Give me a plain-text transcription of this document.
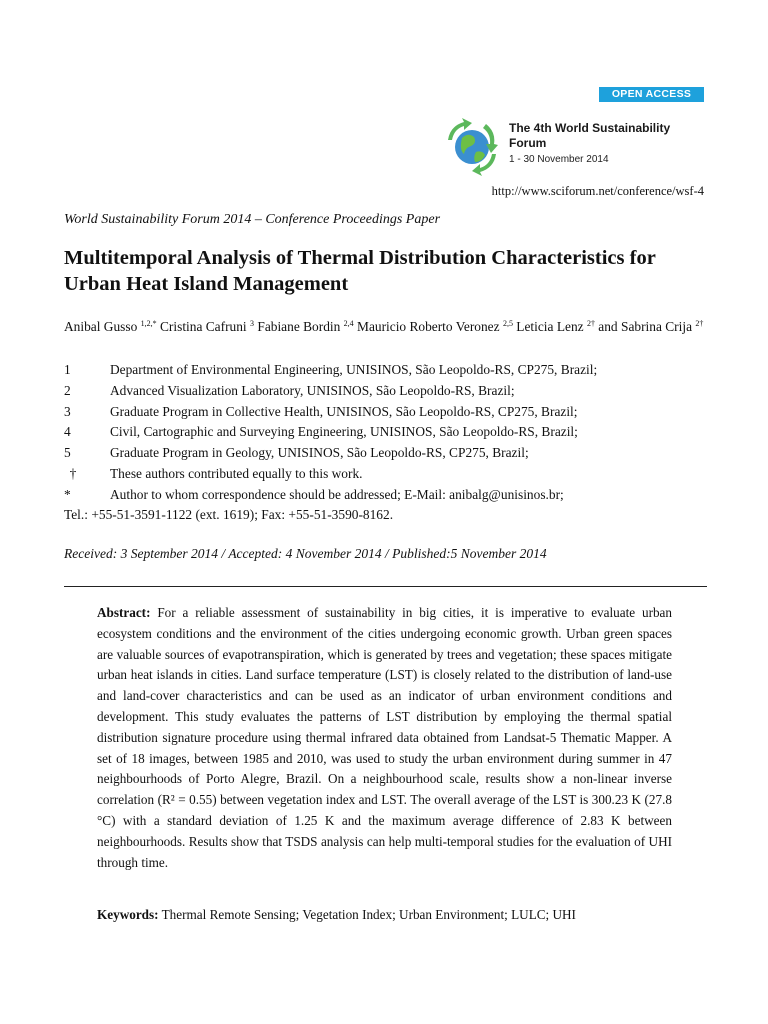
OPEN ACCESS
The 4th World Sustainability Forum
1 - 30 November 2014
http://www.sciforum.net/conference/wsf-4
World Sustainability Forum 2014 – Conference Proceedings Paper
Multitemporal Analysis of Thermal Distribution Characteristics for Urban Heat Island Management
Anibal Gusso $^{1,2,*}$ Cristina Cafruni $^3$ Fabiane Bordin $^{2,4}$ Mauricio Roberto Veronez $^{2,5}$ Leticia Lenz $^{2\dagger}$ and Sabrina Crija $^{2\dagger}$
1	Department of Environmental Engineering, UNISINOS, São Leopoldo-RS, CP275, Brazil;
2	Advanced Visualization Laboratory, UNISINOS, São Leopoldo-RS, Brazil;
3	Graduate Program in Collective Health, UNISINOS, São Leopoldo-RS, CP275, Brazil;
4	Civil, Cartographic and Surveying Engineering, UNISINOS, São Leopoldo-RS, Brazil;
5	Graduate Program in Geology, UNISINOS, São Leopoldo-RS, CP275, Brazil;
†	These authors contributed equally to this work.
*	Author to whom correspondence should be addressed; E-Mail: anibalg@unisinos.br;
Tel.: +55-51-3591-1122 (ext. 1619); Fax: +55-51-3590-8162.
Received: 3 September 2014 / Accepted: 4 November 2014 / Published:5 November 2014
Abstract: For a reliable assessment of sustainability in big cities, it is imperative to evaluate urban ecosystem conditions and the environment of the cities undergoing economic growth. Urban green spaces are valuable sources of evapotranspiration, which is generated by trees and vegetation; these spaces mitigate urban heat islands in cities. Land surface temperature (LST) is closely related to the distribution of land-use and land-cover characteristics and can be used as an indicator of urban environment conditions and development. This study evaluates the patterns of LST distribution by employing the thermal spatial distribution signature procedure using thermal infrared data obtained from Landsat-5 Thematic Mapper. A set of 18 images, between 1985 and 2010, was used to study the urban environment during summer in 47 neighbourhoods of Porto Alegre, Brazil. On a neighbourhood scale, results show a non-linear inverse correlation (R² = 0.55) between vegetation index and LST. The overall average of the LST is 300.23 K (27.8 °C) with a standard deviation of 1.25 K and the maximum average difference of 2.83 K between neighbourhoods. Results show that TSDS analysis can help multi-temporal studies for the evaluation of UHI through time.
Keywords: Thermal Remote Sensing; Vegetation Index; Urban Environment; LULC; UHI
